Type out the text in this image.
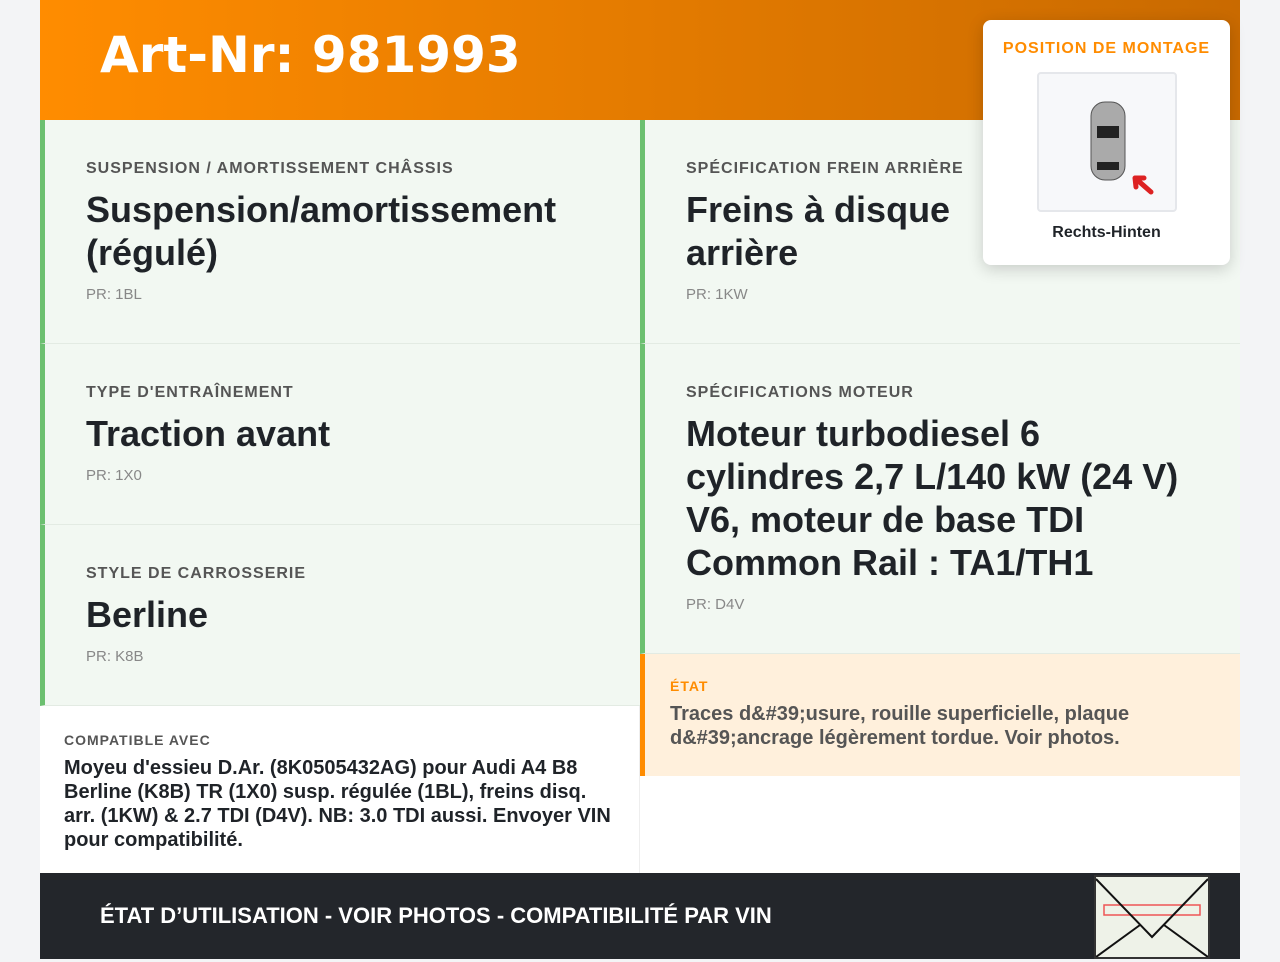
Art-Nr: 981993
SUSPENSION / AMORTISSEMENT CHÂSSIS
Suspension/amortissement (régulé)
PR: 1BL
TYPE D'ENTRAÎNEMENT
Traction avant
PR: 1X0
STYLE DE CARROSSERIE
Berline
PR: K8B
COMPATIBLE AVEC

Moyeu d'essieu D.Ar. (8K0505432AG) pour Audi A4 B8 Berline (K8B) TR (1X0) susp. régulée (1BL), freins disq. arr. (1KW) & 2.7 TDI (D4V). NB: 3.0 TDI aussi. Envoyer VIN pour compatibilité.

SPÉCIFICATION FREIN ARRIÈRE
Freins à disque arrière
PR: 1KW
SPÉCIFICATIONS MOTEUR
Moteur turbodiesel 6 cylindres 2,7 L/140 kW (24 V) V6, moteur de base TDI Common Rail : TA1/TH1
PR: D4V
ÉTAT

Traces d&#39;usure, rouille superficielle, plaque d&#39;ancrage légèrement tordue. Voir photos.

ÉTAT D’UTILISATION - VOIR PHOTOS - COMPATIBILITÉ PAR VIN
POSITION DE MONTAGE
Rechts-Hinten
